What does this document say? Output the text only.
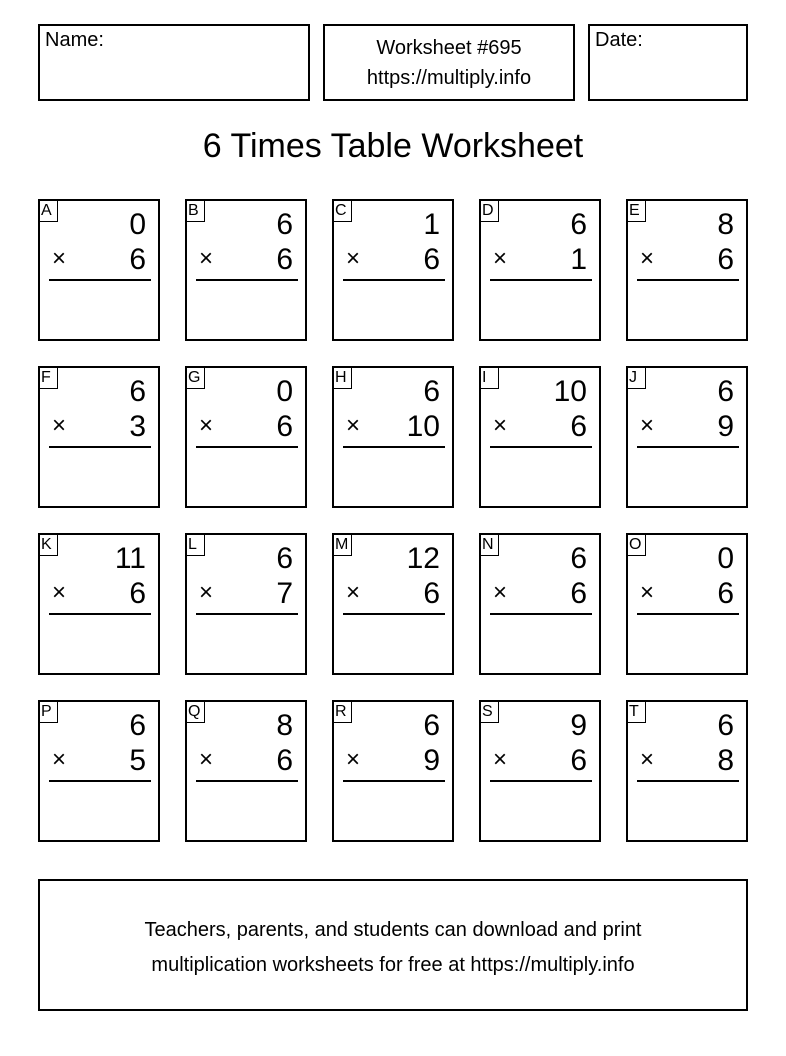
Name:	Worksheet #695
https://multiply.info
Date:
6 Times Table Worksheet
A	0
× 6
B	6
× 6
C	1
× 6
D	6
× 1
E	8
× 6
F	6
× 3
G	0
× 6
H	6
× 10
I	10
× 6
J	6
× 9
K 11
× 6
L	6
× 7
M 12
× 6
N	6
× 6
O	0
× 6
P	6
× 5
Q	8
× 6
R	6
× 9
S	9
× 6
T	6
× 8
Teachers, parents, and students can download and print
multiplication worksheets for free at https://multiply.info
